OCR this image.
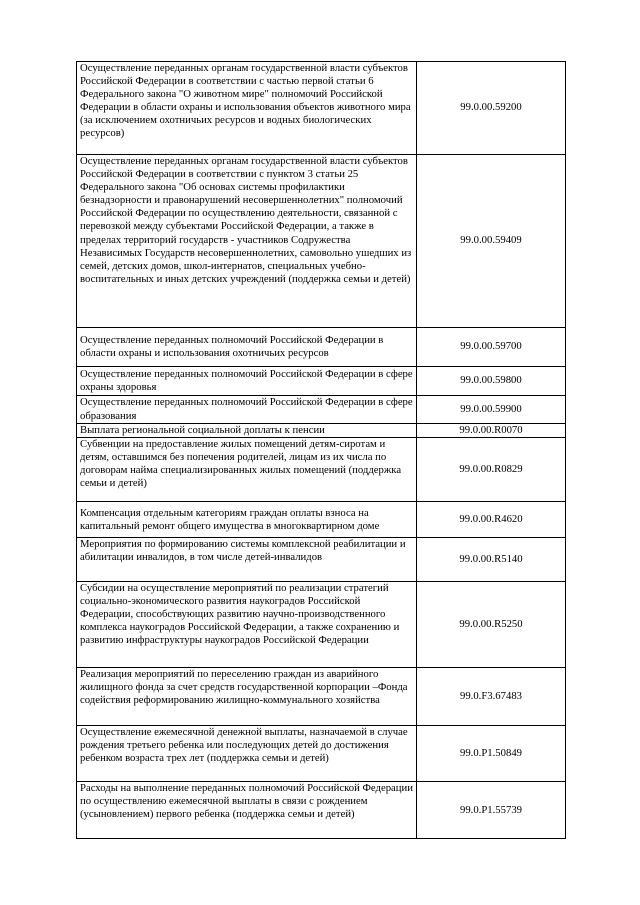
Осуществление переданных органам государственной власти субъектов Российской Федерации в соответствии с частью первой статьи 6 Федерального закона "О животном мире" полномочий Российской Федерации в области охраны и использования объектов животного мира (за исключением охотничьих ресурсов и водных биологических ресурсов)	99.0.00.59200
Осуществление переданных органам государственной власти субъектов Российской Федерации в соответствии с пунктом 3 статьи 25 Федерального закона "Об основах системы профилактики безнадзорности и правонарушений несовершеннолетних" полномочий Российской Федерации по осуществлению деятельности, связанной с перевозкой между субъектами Российской Федерации, а также в пределах территорий государств - участников Содружества Независимых Государств несовершеннолетних, самовольно ушедших из семей, детских домов, школ-интернатов, специальных учебно-воспитательных и иных детских учреждений (поддержка семьи и детей)	99.0.00.59409
Осуществление переданных полномочий Российской Федерации в области охраны и использования охотничьих ресурсов	99.0.00.59700
Осуществление переданных полномочий Российской Федерации в сфере охраны здоровья	99.0.00.59800
Осуществление переданных полномочий Российской Федерации в сфере образования	99.0.00.59900
Выплата региональной социальной доплаты к пенсии	99.0.00.R0070
Субвенции на предоставление жилых помещений детям-сиротам и детям, оставшимся без попечения родителей, лицам из их числа по договорам найма специализированных жилых помещений (поддержка семьи и детей)	99.0.00.R0829
Компенсация отдельным категориям граждан оплаты взноса на капитальный ремонт общего имущества в многоквартирном доме	99.0.00.R4620
Мероприятия по формированию системы комплексной реабилитации и абилитации инвалидов, в том числе детей-инвалидов	99.0.00.R5140
Субсидии на осуществление мероприятий по реализации стратегий социально-экономического развития наукоградов Российской Федерации, способствующих развитию научно-производственного комплекса наукоградов Российской Федерации, а также сохранению и развитию инфраструктуры наукоградов Российской Федерации	99.0.00.R5250
Реализация мероприятий по переселению граждан из аварийного жилищного фонда за счет средств государственной корпорации –Фонда содействия реформированию жилищно-коммунального хозяйства	99.0.F3.67483
Осуществление ежемесячной денежной выплаты, назначаемой в случае рождения третьего ребенка или последующих детей до достижения ребенком возраста трех лет (поддержка семьи и детей)	99.0.P1.50849
Расходы на выполнение переданных полномочий Российской Федерации по осуществлению ежемесячной выплаты в связи с рождением (усыновлением) первого ребенка (поддержка семьи и детей)	99.0.P1.55739
